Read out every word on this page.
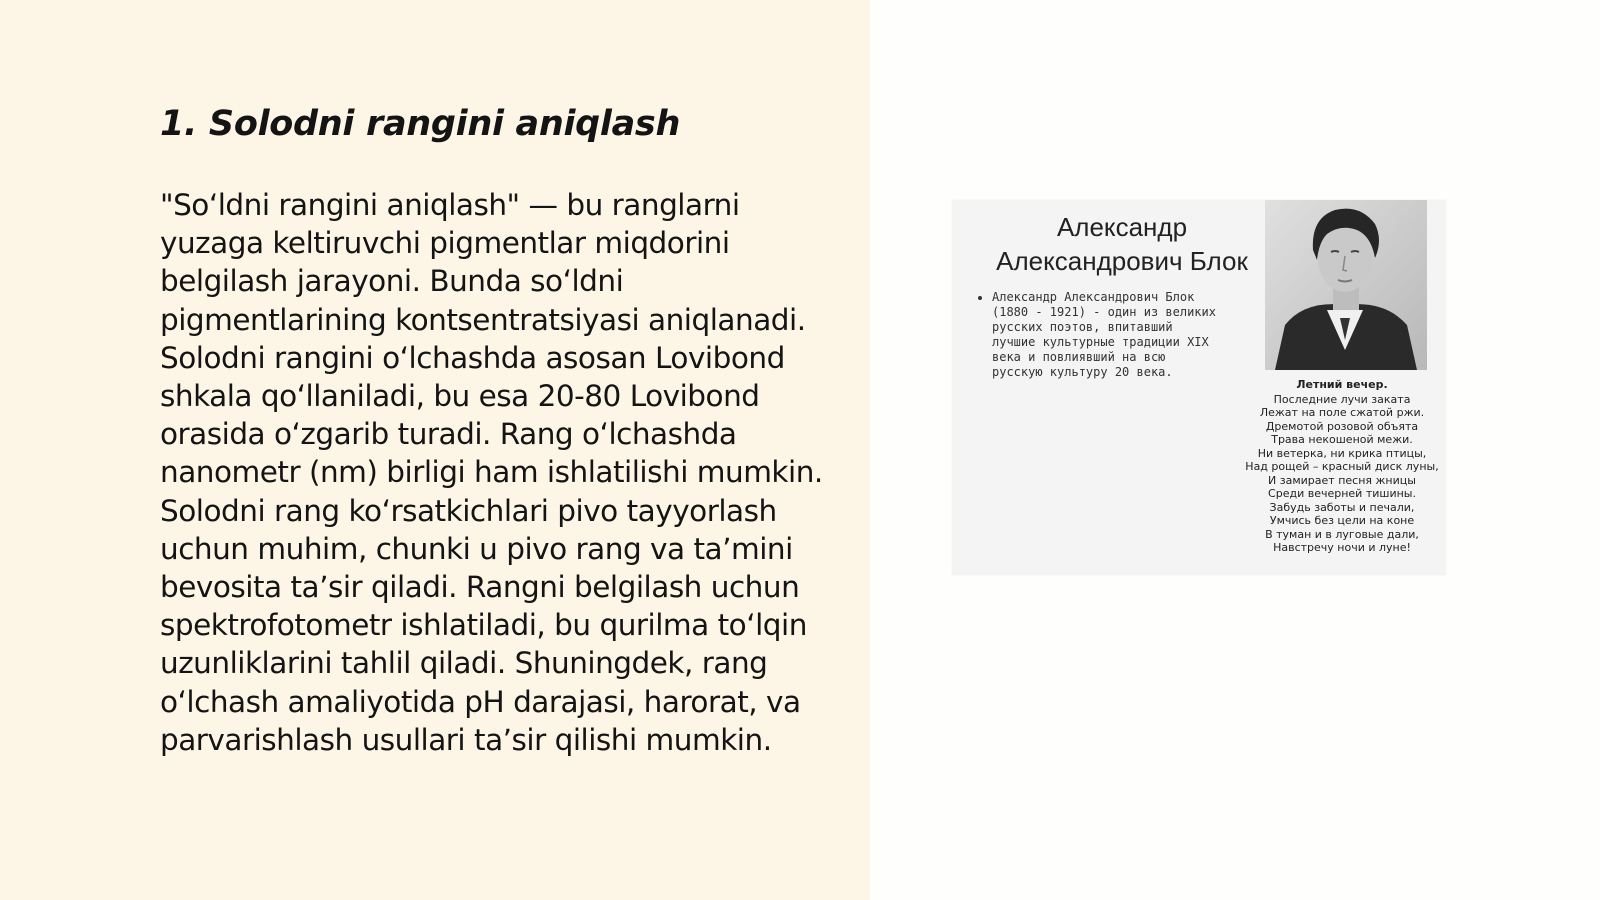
1. Solodni rangini aniqlash

"So‘ldni rangini aniqlash" — bu ranglarni yuzaga keltiruvchi pigmentlar miqdorini belgilash jarayoni. Bunda so‘ldni pigmentlarining kontsentratsiyasi aniqlanadi. Solodni rangini o‘lchashda asosan Lovibond shkala qo‘llaniladi, bu esa 20-80 Lovibond orasida o‘zgarib turadi. Rang o‘lchashda nanometr (nm) birligi ham ishlatilishi mumkin. Solodni rang ko‘rsatkichlari pivo tayyorlash uchun muhim, chunki u pivo rang va ta’mini bevosita ta’sir qiladi. Rangni belgilash uchun spektrofotometr ishlatiladi, bu qurilma to‘lqin uzunliklarini tahlil qiladi. Shuningdek, rang o‘lchash amaliyotida pH darajasi, harorat, va parvarishlash usullari ta’sir qilishi mumkin.

Александр
Александрович Блок
• Александр Александрович Блок (1880 - 1921) - один из великих русских поэтов, впитавший лучшие культурные традиции XIX века и повлиявший на всю русскую культуру 20 века.
Летний вечер.
Последние лучи заката
Лежат на поле сжатой ржи.
Дремотой розовой объята
Трава некошеной межи.
Ни ветерка, ни крика птицы,
Над рощей – красный диск луны,
И замирает песня жницы
Среди вечерней тишины.
Забудь заботы и печали,
Умчись без цели на коне
В туман и в луговые дали,
Навстречу ночи и луне!
